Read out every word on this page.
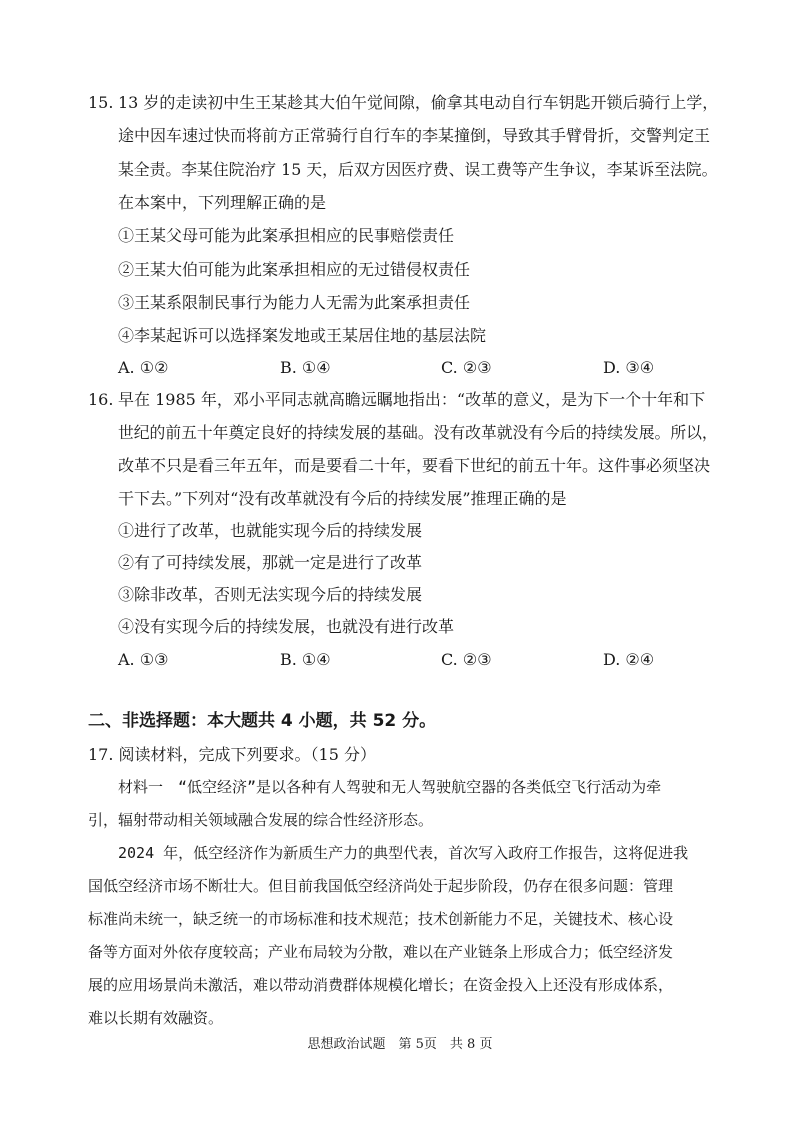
15. 13 岁的走读初中生王某趁其大伯午觉间隙，偷拿其电动自行车钥匙开锁后骑行上学，
途中因车速过快而将前方正常骑行自行车的李某撞倒，导致其手臂骨折，交警判定王
某全责。李某住院治疗 15 天，后双方因医疗费、误工费等产生争议，李某诉至法院。
在本案中，下列理解正确的是
①王某父母可能为此案承担相应的民事赔偿责任
②王某大伯可能为此案承担相应的无过错侵权责任
③王某系限制民事行为能力人无需为此案承担责任
④李某起诉可以选择案发地或王某居住地的基层法院
A. ①②	B. ①④	C. ②③	D. ③④
16. 早在 1985 年，邓小平同志就高瞻远瞩地指出：“改革的意义，是为下一个十年和下
世纪的前五十年奠定良好的持续发展的基础。没有改革就没有今后的持续发展。所以，
改革不只是看三年五年，而是要看二十年，要看下世纪的前五十年。这件事必须坚决
干下去。”下列对“没有改革就没有今后的持续发展”推理正确的是
①进行了改革，也就能实现今后的持续发展
②有了可持续发展，那就一定是进行了改革
③除非改革，否则无法实现今后的持续发展
④没有实现今后的持续发展，也就没有进行改革
A. ①③	B. ①④	C. ②③	D. ②④
二、非选择题：本大题共 4 小题，共 52 分。
17. 阅读材料，完成下列要求。（15 分）
材料一　“低空经济”是以各种有人驾驶和无人驾驶航空器的各类低空飞行活动为牵
引，辐射带动相关领域融合发展的综合性经济形态。
2024 年，低空经济作为新质生产力的典型代表，首次写入政府工作报告，这将促进我
国低空经济市场不断壮大。但目前我国低空经济尚处于起步阶段，仍存在很多问题：管理
标准尚未统一，缺乏统一的市场标准和技术规范；技术创新能力不足，关键技术、核心设
备等方面对外依存度较高；产业布局较为分散，难以在产业链条上形成合力；低空经济发
展的应用场景尚未激活，难以带动消费群体规模化增长；在资金投入上还没有形成体系，
难以长期有效融资。
思想政治试题　第 5页　共 8 页
